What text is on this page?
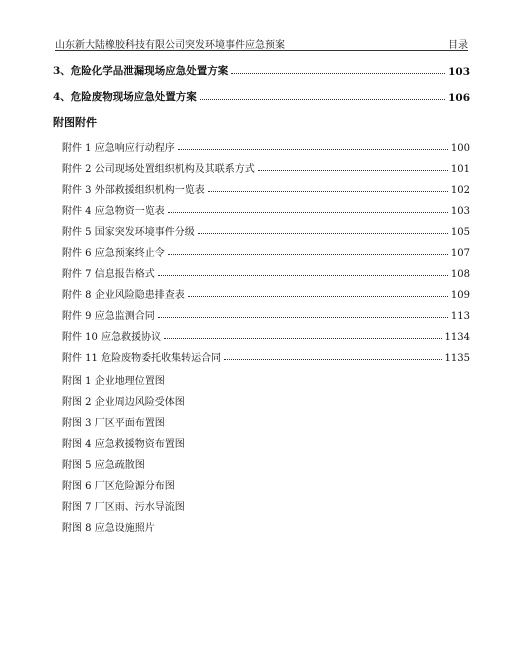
山东新大陆橡胶科技有限公司突发环境事件应急预案	目录
3、危险化学品泄漏现场应急处置方案	103
4、危险废物现场应急处置方案	106
附图附件
附件 1 应急响应行动程序	100
附件 2 公司现场处置组织机构及其联系方式	101
附件 3 外部救援组织机构一览表	102
附件 4 应急物资一览表	103
附件 5 国家突发环境事件分级	105
附件 6 应急预案终止令	107
附件 7 信息报告格式	108
附件 8 企业风险隐患排查表	109
附件 9 应急监测合同	113
附件 10 应急救援协议	1134
附件 11 危险废物委托收集转运合同	1135
附图 1 企业地理位置图
附图 2 企业周边风险受体图
附图 3 厂区平面布置图
附图 4 应急救援物资布置图
附图 5 应急疏散图
附图 6 厂区危险源分布图
附图 7 厂区雨、污水导流图
附图 8 应急设施照片
